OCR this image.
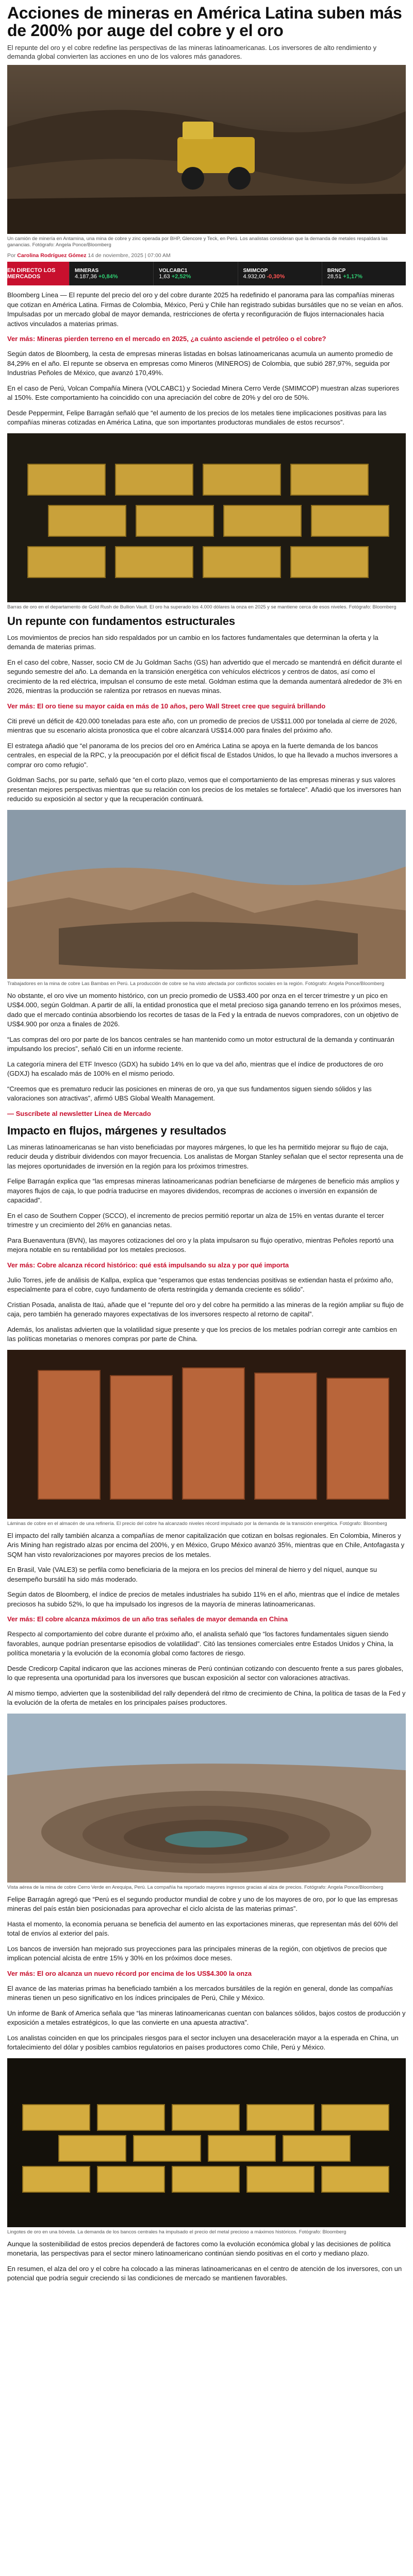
Acciones de mineras en América Latina suben más de 200% por auge del cobre y el oro

El repunte del oro y el cobre redefine las perspectivas de las mineras latinoamericanas. Los inversores de alto rendimiento y demanda global convierten las acciones en uno de los valores más ganadores.

Un camión de minería en Antamina, una mina de cobre y zinc operada por BHP, Glencore y Teck, en Perú. Los analistas consideran que la demanda de metales respaldará las ganancias. Fotógrafo: Angela Ponce/Bloomberg

Por Carolina Rodríguez Gómez 14 de noviembre, 2025 | 07:00 AM

EN DIRECTO LOS MERCADOS
MINERAS
4.187,36 +0,84%
VOLCABC1
1,63 +2,52%
SMIMCOP
4.932,00 -0,30%
BRNCP
28,51 +1,17%

Bloomberg Línea — El repunte del precio del oro y del cobre durante 2025 ha redefinido el panorama para las compañías mineras que cotizan en América Latina. Firmas de Colombia, México, Perú y Chile han registrado subidas bursátiles que no se veían en años. Impulsadas por un mercado global de mayor demanda, restricciones de oferta y reconfiguración de flujos internacionales hacia activos vinculados a materias primas.

Ver más: Mineras pierden terreno en el mercado en 2025, ¿a cuánto asciende el petróleo o el cobre?

Según datos de Bloomberg, la cesta de empresas mineras listadas en bolsas latinoamericanas acumula un aumento promedio de 84,29% en el año. El repunte se observa en empresas como Mineros (MINEROS) de Colombia, que subió 287,97%, seguida por Industrias Peñoles de México, que avanzó 170,49%.

En el caso de Perú, Volcan Compañía Minera (VOLCABC1) y Sociedad Minera Cerro Verde (SMIMCOP) muestran alzas superiores al 150%. Este comportamiento ha coincidido con una apreciación del cobre de 20% y del oro de 50%.

Desde Peppermint, Felipe Barragán señaló que “el aumento de los precios de los metales tiene implicaciones positivas para las compañías mineras cotizadas en América Latina, que son importantes productoras mundiales de estos recursos”.

Barras de oro en el departamento de Gold Rush de Bullion Vault. El oro ha superado los 4.000 dólares la onza en 2025 y se mantiene cerca de esos niveles. Fotógrafo: Bloomberg

Un repunte con fundamentos estructurales

Los movimientos de precios han sido respaldados por un cambio en los factores fundamentales que determinan la oferta y la demanda de materias primas.

En el caso del cobre, Nasser, socio CM de Ju Goldman Sachs (GS) han advertido que el mercado se mantendrá en déficit durante el segundo semestre del año. La demanda en la transición energética con vehículos eléctricos y centros de datos, así como el crecimiento de la red eléctrica, impulsan el consumo de este metal. Goldman estima que la demanda aumentará alrededor de 3% en 2026, mientras la producción se ralentiza por retrasos en nuevas minas.

Ver más: El oro tiene su mayor caída en más de 10 años, pero Wall Street cree que seguirá brillando

Citi prevé un déficit de 420.000 toneladas para este año, con un promedio de precios de US$11.000 por tonelada al cierre de 2026, mientras que su escenario alcista pronostica que el cobre alcanzará US$14.000 para finales del próximo año.

El estratega añadió que “el panorama de los precios del oro en América Latina se apoya en la fuerte demanda de los bancos centrales, en especial de la RPC, y la preocupación por el déficit fiscal de Estados Unidos, lo que ha llevado a muchos inversores a comprar oro como refugio”.

Goldman Sachs, por su parte, señaló que “en el corto plazo, vemos que el comportamiento de las empresas mineras y sus valores presentan mejores perspectivas mientras que su relación con los precios de los metales se fortalece”. Añadió que los inversores han reducido su exposición al sector y que la recuperación continuará.

Trabajadores en la mina de cobre Las Bambas en Perú. La producción de cobre se ha visto afectada por conflictos sociales en la región. Fotógrafo: Angela Ponce/Bloomberg

No obstante, el oro vive un momento histórico, con un precio promedio de US$3.400 por onza en el tercer trimestre y un pico en US$4.000, según Goldman. A partir de allí, la entidad pronostica que el metal precioso siga ganando terreno en los próximos meses, dado que el mercado continúa absorbiendo los recortes de tasas de la Fed y la entrada de nuevos compradores, con un objetivo de US$4.900 por onza a finales de 2026.

“Las compras del oro por parte de los bancos centrales se han mantenido como un motor estructural de la demanda y continuarán impulsando los precios”, señaló Citi en un informe reciente.

La categoría minera del ETF Invesco (GDX) ha subido 14% en lo que va del año, mientras que el índice de productores de oro (GDXJ) ha escalado más de 100% en el mismo periodo.

“Creemos que es prematuro reducir las posiciones en mineras de oro, ya que sus fundamentos siguen siendo sólidos y las valoraciones son atractivas”, afirmó UBS Global Wealth Management.

— Suscríbete al newsletter Línea de Mercado

Impacto en flujos, márgenes y resultados

Las mineras latinoamericanas se han visto beneficiadas por mayores márgenes, lo que les ha permitido mejorar su flujo de caja, reducir deuda y distribuir dividendos con mayor frecuencia. Los analistas de Morgan Stanley señalan que el sector representa una de las mejores oportunidades de inversión en la región para los próximos trimestres.

Felipe Barragán explica que “las empresas mineras latinoamericanas podrían beneficiarse de márgenes de beneficio más amplios y mayores flujos de caja, lo que podría traducirse en mayores dividendos, recompras de acciones o inversión en expansión de capacidad”.

En el caso de Southern Copper (SCCO), el incremento de precios permitió reportar un alza de 15% en ventas durante el tercer trimestre y un crecimiento del 26% en ganancias netas.

Para Buenaventura (BVN), las mayores cotizaciones del oro y la plata impulsaron su flujo operativo, mientras Peñoles reportó una mejora notable en su rentabilidad por los metales preciosos.

Ver más: Cobre alcanza récord histórico: qué está impulsando su alza y por qué importa

Julio Torres, jefe de análisis de Kallpa, explica que “esperamos que estas tendencias positivas se extiendan hasta el próximo año, especialmente para el cobre, cuyo fundamento de oferta restringida y demanda creciente es sólido”.

Cristian Posada, analista de Itaú, añade que el “repunte del oro y del cobre ha permitido a las mineras de la región ampliar su flujo de caja, pero también ha generado mayores expectativas de los inversores respecto al retorno de capital”.

Además, los analistas advierten que la volatilidad sigue presente y que los precios de los metales podrían corregir ante cambios en las políticas monetarias o menores compras por parte de China.

Láminas de cobre en el almacén de una refinería. El precio del cobre ha alcanzado niveles récord impulsado por la demanda de la transición energética. Fotógrafo: Bloomberg

El impacto del rally también alcanza a compañías de menor capitalización que cotizan en bolsas regionales. En Colombia, Mineros y Aris Mining han registrado alzas por encima del 200%, y en México, Grupo México avanzó 35%, mientras que en Chile, Antofagasta y SQM han visto revalorizaciones por mayores precios de los metales.

En Brasil, Vale (VALE3) se perfila como beneficiaria de la mejora en los precios del mineral de hierro y del níquel, aunque su desempeño bursátil ha sido más moderado.

Según datos de Bloomberg, el índice de precios de metales industriales ha subido 11% en el año, mientras que el índice de metales preciosos ha subido 52%, lo que ha impulsado los ingresos de la mayoría de mineras latinoamericanas.

Ver más: El cobre alcanza máximos de un año tras señales de mayor demanda en China

Respecto al comportamiento del cobre durante el próximo año, el analista señaló que “los factores fundamentales siguen siendo favorables, aunque podrían presentarse episodios de volatilidad”. Citó las tensiones comerciales entre Estados Unidos y China, la política monetaria y la evolución de la economía global como factores de riesgo.

Desde Credicorp Capital indicaron que las acciones mineras de Perú continúan cotizando con descuento frente a sus pares globales, lo que representa una oportunidad para los inversores que buscan exposición al sector con valoraciones atractivas.

Al mismo tiempo, advierten que la sostenibilidad del rally dependerá del ritmo de crecimiento de China, la política de tasas de la Fed y la evolución de la oferta de metales en los principales países productores.

Vista aérea de la mina de cobre Cerro Verde en Arequipa, Perú. La compañía ha reportado mayores ingresos gracias al alza de precios. Fotógrafo: Angela Ponce/Bloomberg

Felipe Barragán agregó que “Perú es el segundo productor mundial de cobre y uno de los mayores de oro, por lo que las empresas mineras del país están bien posicionadas para aprovechar el ciclo alcista de las materias primas”.

Hasta el momento, la economía peruana se beneficia del aumento en las exportaciones mineras, que representan más del 60% del total de envíos al exterior del país.

Los bancos de inversión han mejorado sus proyecciones para las principales mineras de la región, con objetivos de precios que implican potencial alcista de entre 15% y 30% en los próximos doce meses.

Ver más: El oro alcanza un nuevo récord por encima de los US$4.300 la onza

El avance de las materias primas ha beneficiado también a los mercados bursátiles de la región en general, donde las compañías mineras tienen un peso significativo en los índices principales de Perú, Chile y México.

Un informe de Bank of America señala que “las mineras latinoamericanas cuentan con balances sólidos, bajos costos de producción y exposición a metales estratégicos, lo que las convierte en una apuesta atractiva”.

Los analistas coinciden en que los principales riesgos para el sector incluyen una desaceleración mayor a la esperada en China, un fortalecimiento del dólar y posibles cambios regulatorios en países productores como Chile, Perú y México.

Lingotes de oro en una bóveda. La demanda de los bancos centrales ha impulsado el precio del metal precioso a máximos históricos. Fotógrafo: Bloomberg

Aunque la sostenibilidad de estos precios dependerá de factores como la evolución económica global y las decisiones de política monetaria, las perspectivas para el sector minero latinoamericano continúan siendo positivas en el corto y mediano plazo.

En resumen, el alza del oro y el cobre ha colocado a las mineras latinoamericanas en el centro de atención de los inversores, con un potencial que podría seguir creciendo si las condiciones de mercado se mantienen favorables.
